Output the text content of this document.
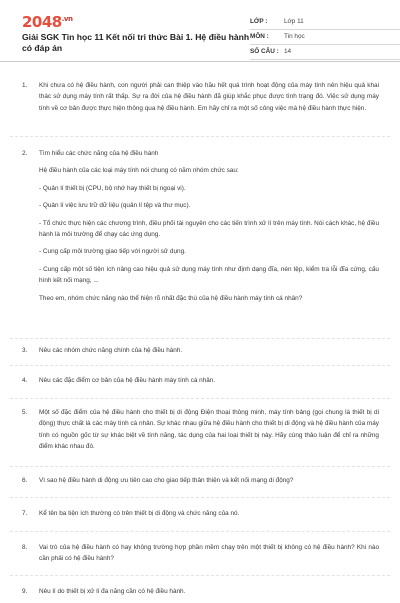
$2048^{.vn}$
Giải SGK Tin học 11 Kết nối tri thức Bài 1. Hệ điều hành có đáp án
LỚP :	Lớp 11
MÔN : Tin học
SỐ CÂU : 14
1.	Khi chưa có hệ điều hành, con người phải can thiệp vào hầu hết quá trình hoạt động của máy tính nên hiệu quả khai thác sử dụng máy tính rất thấp. Sự ra đời của hệ điều hành đã giúp khắc phục được tình trạng đó. Việc sử dụng máy tính về cơ bản được thực hiện thông qua hệ điều hành. Em hãy chỉ ra một số công việc mà hệ điều hành thực hiện.

2.	Tìm hiểu các chức năng của hệ điều hành

Hệ điều hành của các loại máy tính nói chung có năm nhóm chức sau:

- Quản lí thiết bị (CPU, bộ nhớ hay thiết bị ngoại vi).

- Quản lí việc lưu trữ dữ liệu (quản lí tệp và thư mục).

- Tổ chức thực hiện các chương trình, điều phối tài nguyên cho các tiến trình xử lí trên máy tính. Nói cách khác, hệ điều hành là môi trường để chạy các ứng dụng.

- Cung cấp môi trường giao tiếp với người sử dụng.

- Cung cấp một số tiện ích nâng cao hiệu quả sử dụng máy tính như định dạng đĩa, nén tệp, kiểm tra lỗi đĩa cứng, cấu hình kết nối mạng, ...

Theo em, nhóm chức năng nào thể hiện rõ nhất đặc thù của hệ điều hành máy tính cá nhân?

3.	Nêu các nhóm chức năng chính của hệ điều hành.

4.	Nêu các đặc điểm cơ bản của hệ điều hành máy tính cá nhân.

5.	Một số đặc điểm của hệ điều hành cho thiết bị di động Điện thoại thông minh, máy tính bảng (gọi chung là thiết bị di động) thực chất là các máy tính cá nhân. Sự khác nhau giữa hệ điều hành cho thiết bị di động và hệ điều hành của máy tính có nguồn gốc từ sự khác biệt về tính năng, tác dụng của hai loại thiết bị này. Hãy cùng thảo luận để chỉ ra những điểm khác nhau đó.

6.	Vì sao hệ điều hành di động ưu tiên cao cho giao tiếp thân thiện và kết nối mạng di động?

7.	Kể tên ba tiện ích thường có trên thiết bị di động và chức năng của nó.

8.	Vai trò của hệ điều hành có hay không trường hợp phần mềm chạy trên một thiết bị không có hệ điều hành? Khi nào cần phải có hệ điều hành?

9.	Nêu lí do thiết bị xử lí đa năng cần có hệ điều hành.
